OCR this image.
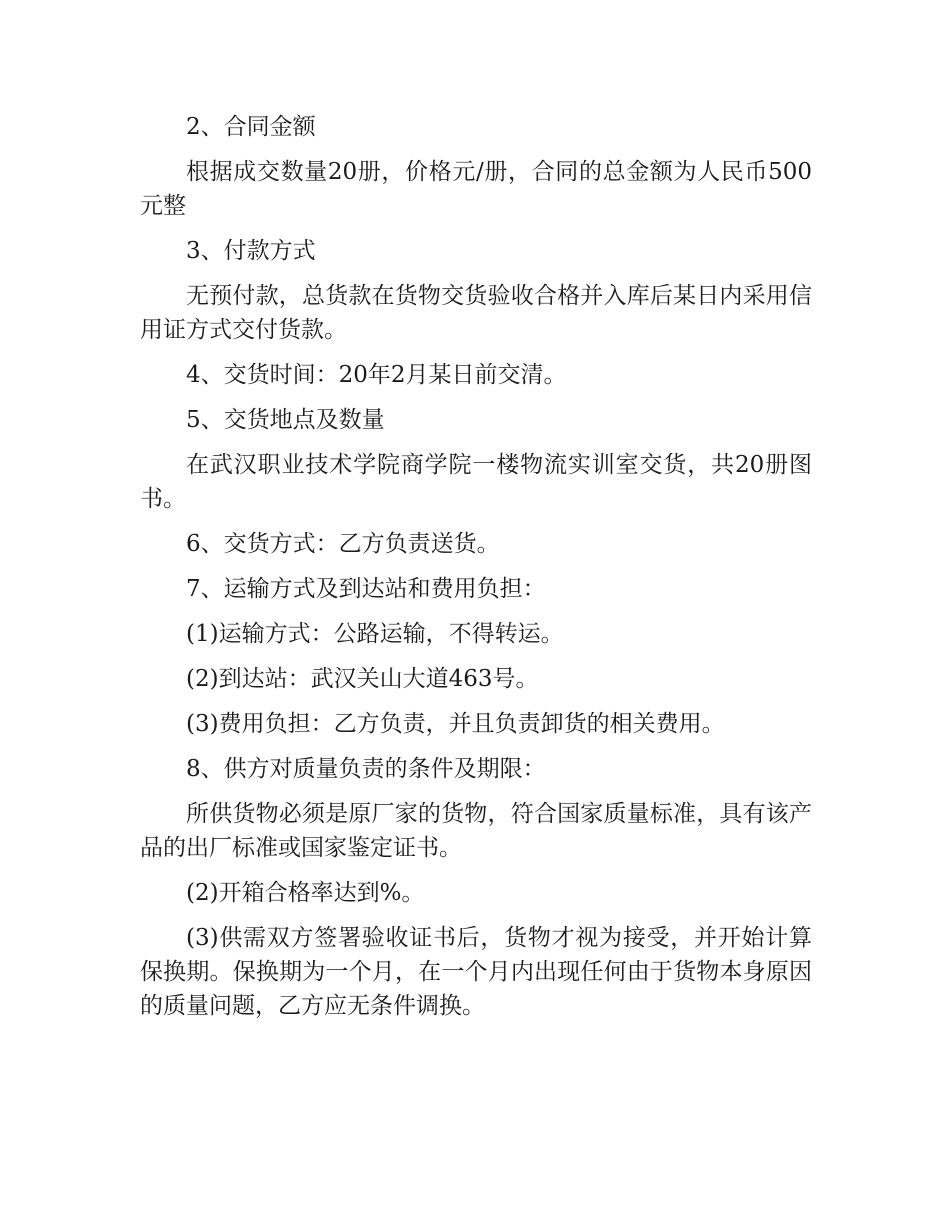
2、合同金额

根据成交数量20册，价格元/册，合同的总金额为人民币500元整

3、付款方式

无预付款，总货款在货物交货验收合格并入库后某日内采用信用证方式交付货款。

4、交货时间：20年2月某日前交清。

5、交货地点及数量

在武汉职业技术学院商学院一楼物流实训室交货，共20册图书。

6、交货方式：乙方负责送货。

7、运输方式及到达站和费用负担：

(1)运输方式：公路运输，不得转运。

(2)到达站：武汉关山大道463号。

(3)费用负担：乙方负责，并且负责卸货的相关费用。

8、供方对质量负责的条件及期限：

所供货物必须是原厂家的货物，符合国家质量标准，具有该产品的出厂标准或国家鉴定证书。

(2)开箱合格率达到%。

(3)供需双方签署验收证书后，货物才视为接受，并开始计算保换期。保换期为一个月，在一个月内出现任何由于货物本身原因的质量问题，乙方应无条件调换。
